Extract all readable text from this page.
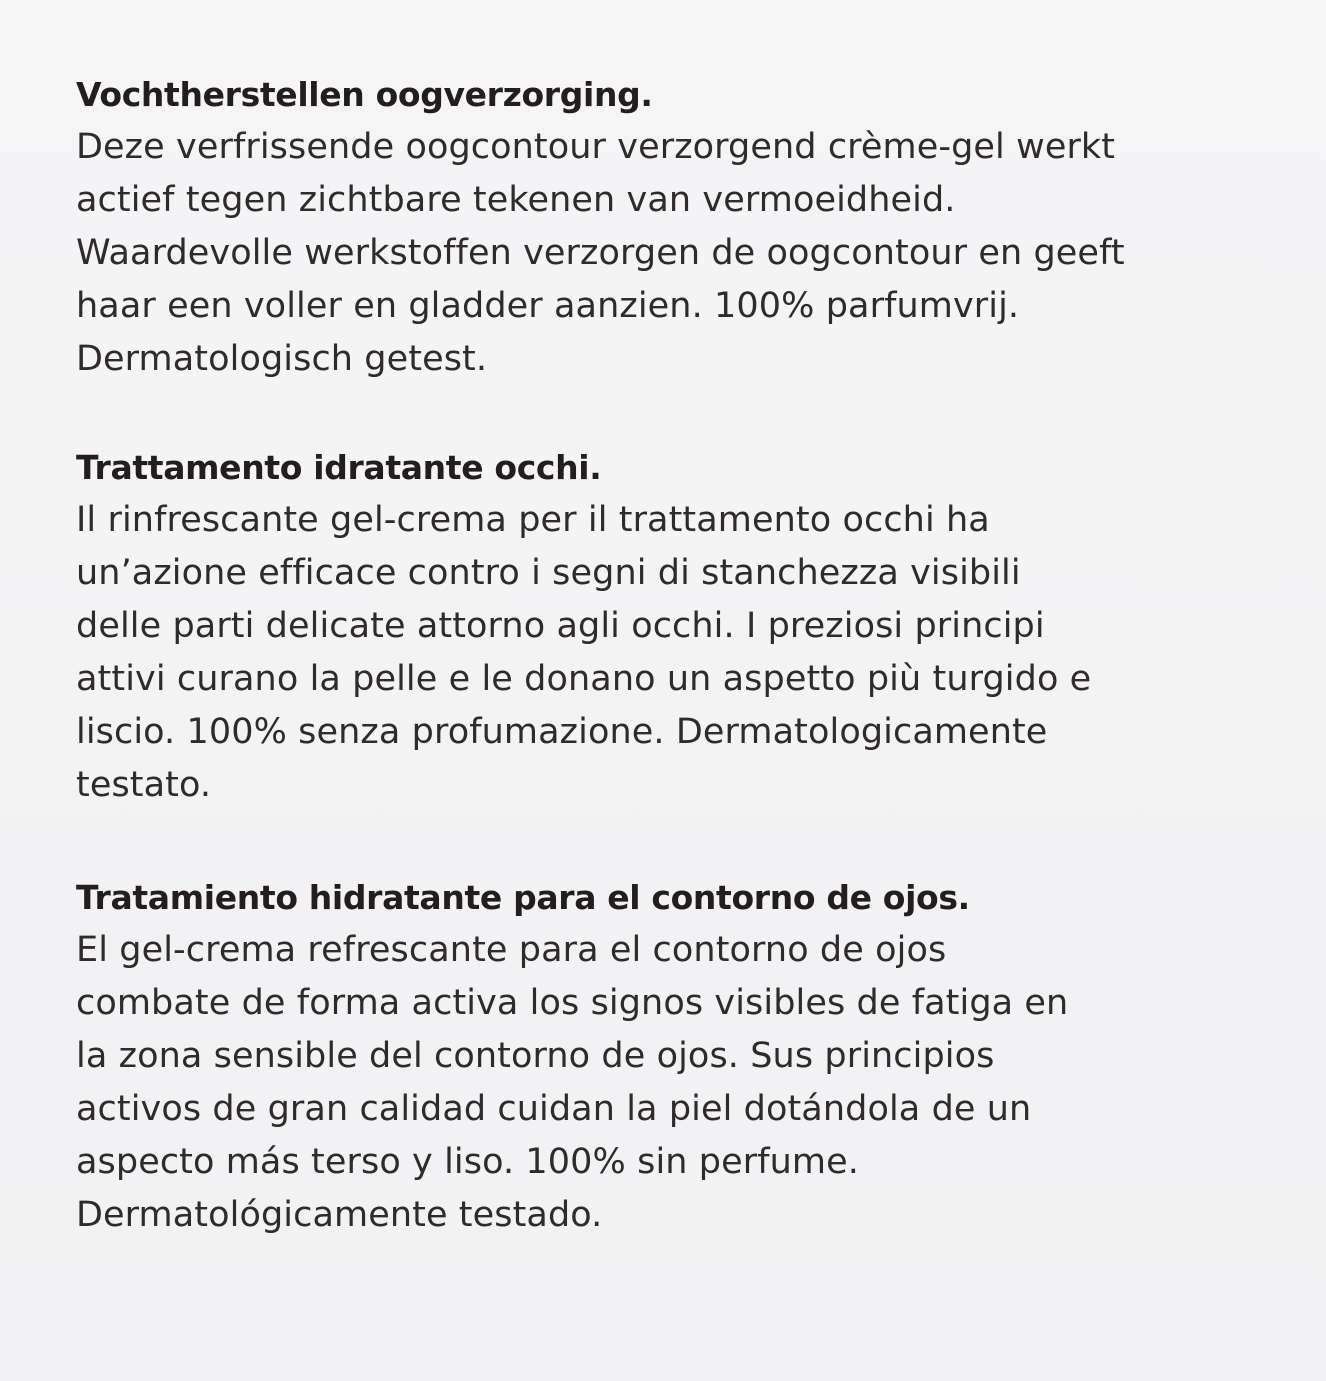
Vochtherstellen oogverzorging.
Deze verfrissende oogcontour verzorgend crème-gel werkt
actief tegen zichtbare tekenen van vermoeidheid.
Waardevolle werkstoffen verzorgen de oogcontour en geeft
haar een voller en gladder aanzien. 100% parfumvrij.
Dermatologisch getest.
Trattamento idratante occhi.
Il rinfrescante gel-crema per il trattamento occhi ha
un’azione efficace contro i segni di stanchezza visibili
delle parti delicate attorno agli occhi. I preziosi principi
attivi curano la pelle e le donano un aspetto più turgido e
liscio. 100% senza profumazione. Dermatologicamente
testato.
Tratamiento hidratante para el contorno de ojos.
El gel-crema refrescante para el contorno de ojos
combate de forma activa los signos visibles de fatiga en
la zona sensible del contorno de ojos. Sus principios
activos de gran calidad cuidan la piel dotándola de un
aspecto más terso y liso. 100% sin perfume.
Dermatológicamente testado.
